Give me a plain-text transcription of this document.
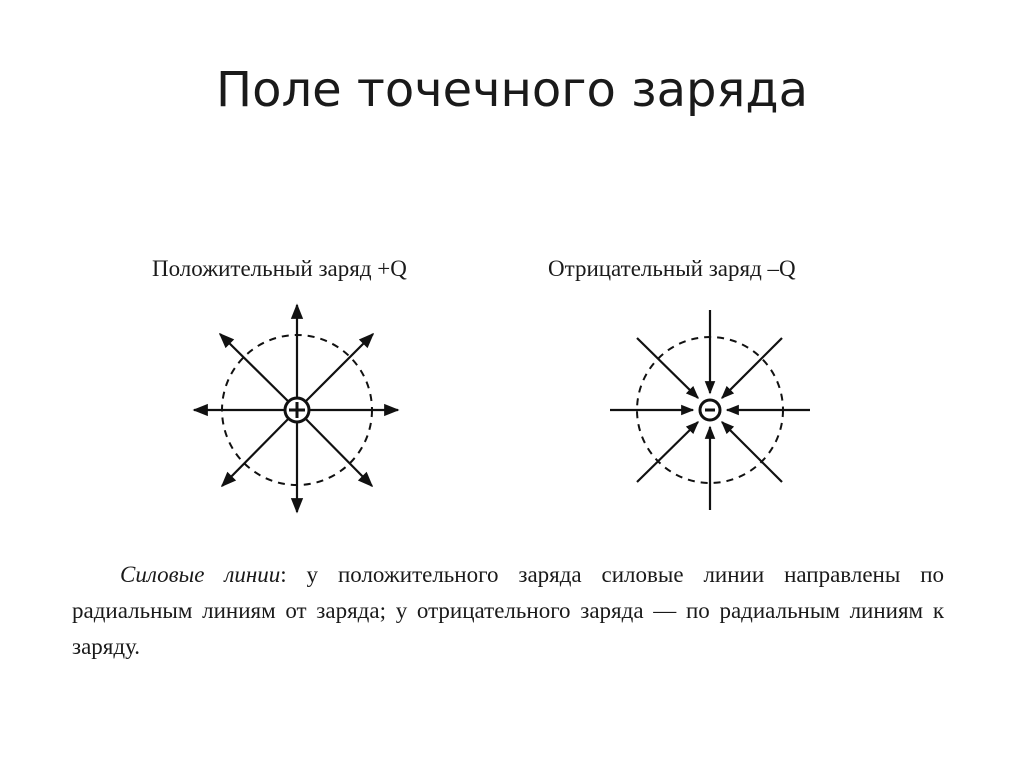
Поле точечного заряда
Положительный заряд +Q	Отрицательный заряд –Q

Силовые линии: у положительного заряда силовые линии направлены по радиальным линиям от заряда; у отрицательного заряда — по радиальным линиям к заряду.
